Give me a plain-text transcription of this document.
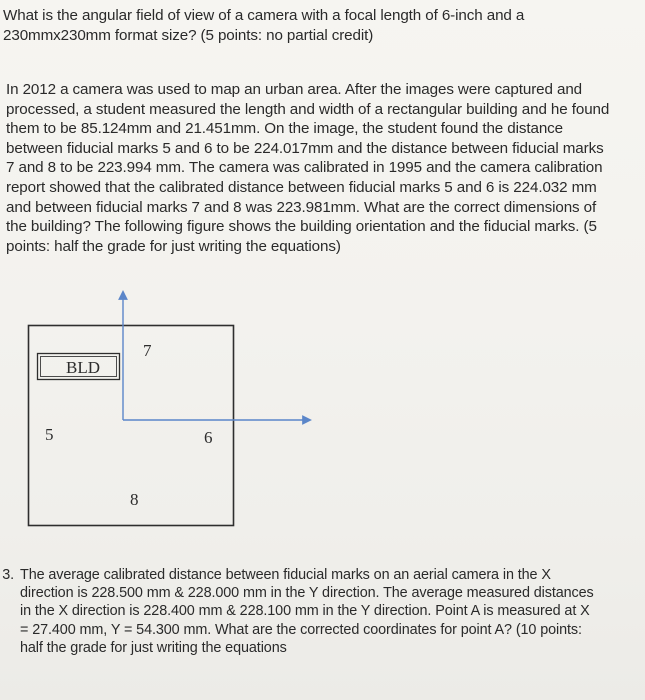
What is the angular field of view of a camera with a focal length of 6-inch and a
230mmx230mm format size? (5 points: no partial credit)
In 2012 a camera was used to map an urban area. After the images were captured and
processed, a student measured the length and width of a rectangular building and he found
them to be 85.124mm and 21.451mm. On the image, the student found the distance
between fiducial marks 5 and 6 to be 224.017mm and the distance between fiducial marks
7 and 8 to be 223.994 mm. The camera was calibrated in 1995 and the camera calibration
report showed that the calibrated distance between fiducial marks 5 and 6 is 224.032 mm
and between fiducial marks 7 and 8 was 223.981mm. What are the correct dimensions of
the building? The following figure shows the building orientation and the fiducial marks. (5
points: half the grade for just writing the equations)
BLD
7
5	6
8
3. The average calibrated distance between fiducial marks on an aerial camera in the X
direction is 228.500 mm & 228.000 mm in the Y direction. The average measured distances
in the X direction is 228.400 mm & 228.100 mm in the Y direction. Point A is measured at X
= 27.400 mm, Y = 54.300 mm. What are the corrected coordinates for point A? (10 points:
half the grade for just writing the equations
